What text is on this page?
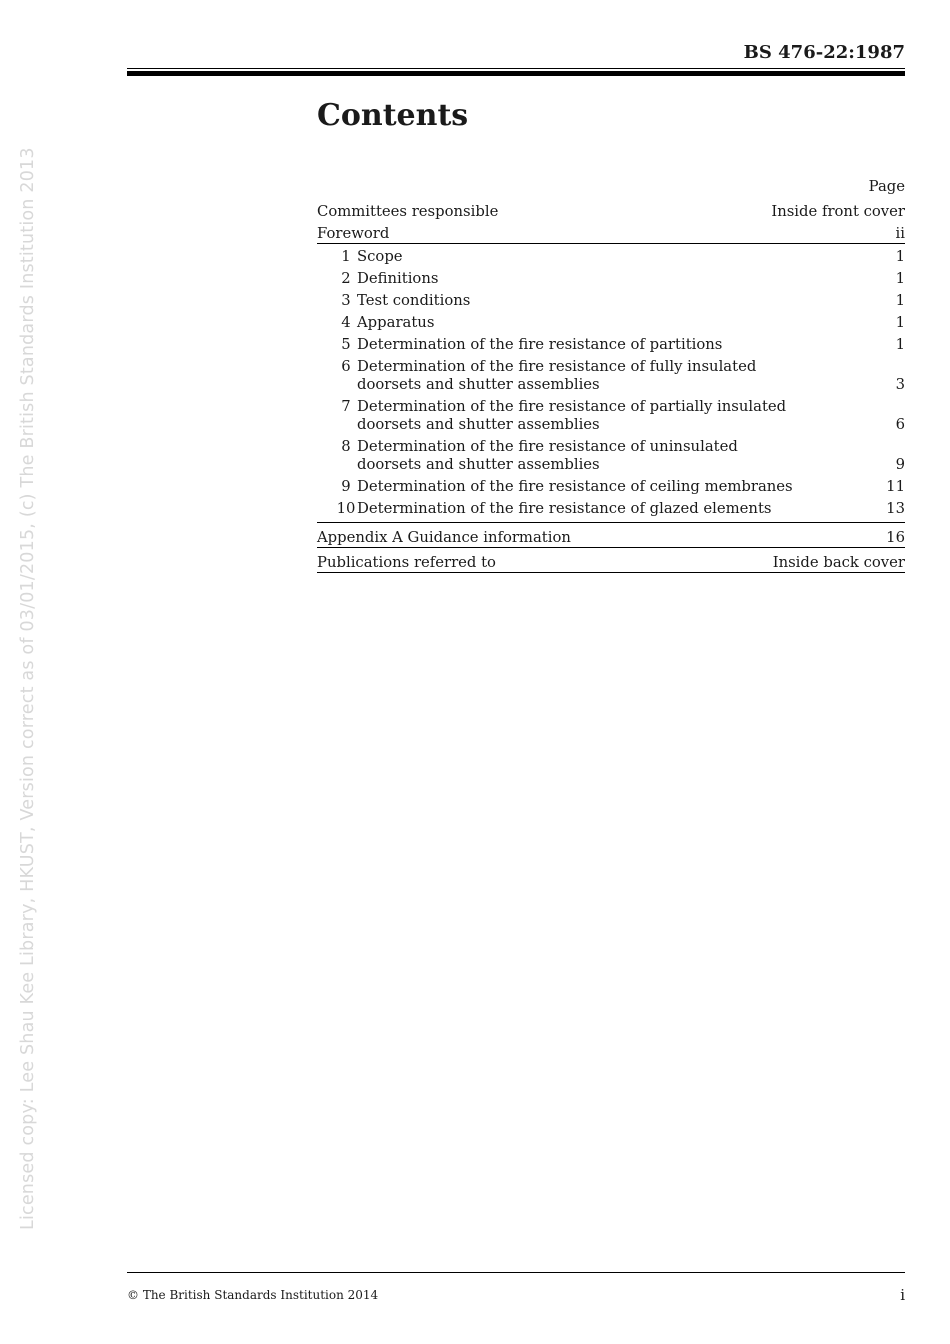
Licensed copy: Lee Shau Kee Library, HKUST, Version correct as of 03/01/2015, (c) The British Standards Institution 2013
BS 476-22:1987
Contents
Page
Committees responsible	Inside front cover
Foreword	ii
1 Scope	1
2 Definitions	1
3 Test conditions	1
4 Apparatus	1
5 Determination of the fire resistance of partitions	1
6 Determination of the fire resistance of fully insulated
doorsets and shutter assemblies	3
7 Determination of the fire resistance of partially insulated
doorsets and shutter assemblies	6
8 Determination of the fire resistance of uninsulated
doorsets and shutter assemblies	9
9 Determination of the fire resistance of ceiling membranes	11
10 Determination of the fire resistance of glazed elements	13
Appendix A Guidance information	16
Publications referred to	Inside back cover
© The British Standards Institution 2014	i
